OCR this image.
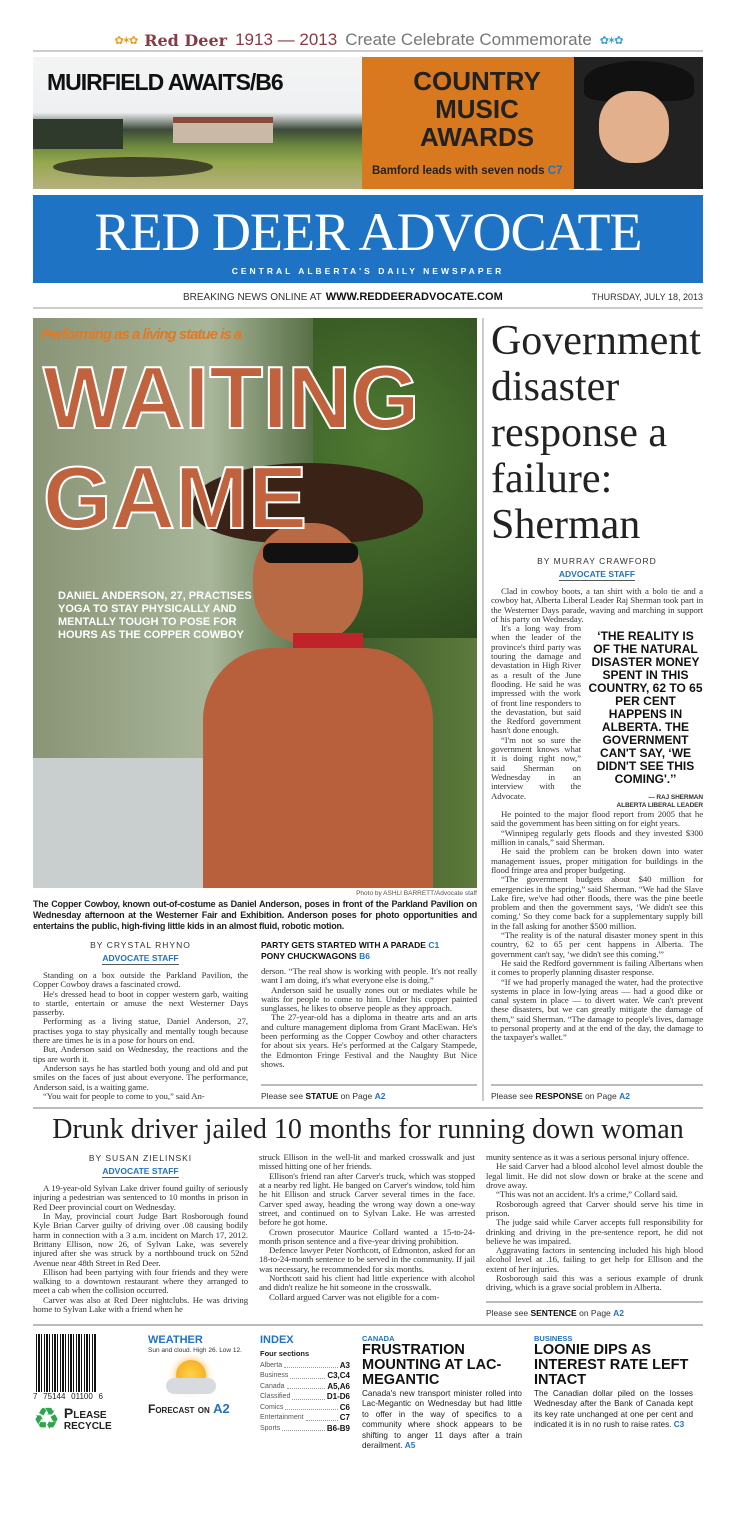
✿✶✿ Red Deer 1913 — 2013 Create Celebrate Commemorate ✿✶✿
MUIRFIELD AWAITS/B6	COUNTRY
MUSIC
AWARDS
Bamford leads with seven nods C7
RED DEER ADVOCATE
CENTRAL ALBERTA'S DAILY NEWSPAPER
BREAKING NEWS ONLINE AT WWW.REDDEERADVOCATE.COM	THURSDAY, JULY 18, 2013
Performing as a living statue is a
WAITING
GAME
DANIEL ANDERSON, 27, PRACTISES YOGA TO STAY PHYSICALLY AND MENTALLY TOUGH TO POSE FOR HOURS AS THE COPPER COWBOY
Photo by ASHLI BARRETT/Advocate staff
The Copper Cowboy, known out-of-costume as Daniel Anderson, poses in front of the Parkland Pavilion on Wednesday afternoon at the Westerner Fair and Exhibition. Anderson poses for photo opportunities and entertains the public, high-fiving little kids in an almost fluid, robotic motion.
BY CRYSTAL RHYNO
ADVOCATE STAFF

Standing on a box outside the Parkland Pavilion, the Copper Cowboy draws a fascinated crowd.

He's dressed head to boot in copper western garb, waiting to startle, entertain or amuse the next Westerner Days passerby.

Performing as a living statue, Daniel Anderson, 27, practises yoga to stay physically and mentally tough because there are times he is in a pose for hours on end.

But, Anderson said on Wednesday, the reactions and the tips are worth it.

Anderson says he has startled both young and old and put smiles on the faces of just about everyone. The performance, Anderson said, is a waiting game.

“You wait for people to come to you,” said An-

PARTY GETS STARTED WITH A PARADE C1
PONY CHUCKWAGONS B6

derson. “The real show is working with people. It's not really want I am doing, it's what everyone else is doing.”

Anderson said he usually zones out or mediates while he waits for people to come to him. Under his copper painted sunglasses, he likes to observe people as they approach.

The 27-year-old has a diploma in theatre arts and an arts and culture management diploma from Grant MacEwan. He's been performing as the Copper Cowboy and other characters for about six years. He's performed at the Calgary Stampede, the Edmonton Fringe Festival and the Naughty But Nice shows.

Please see STATUE on Page A2
Government disaster response a failure: Sherman
BY MURRAY CRAWFORD
ADVOCATE STAFF

Clad in cowboy boots, a tan shirt with a bolo tie and a cowboy hat, Alberta Liberal Leader Raj Sherman took part in the Westerner Days parade, waving and marching in support of his party on Wednesday.

It's a long way from when the leader of the province's third party was touring the damage and devastation in High River as a result of the June flooding. He said he was impressed with the work of front line responders to the devastation, but said the Redford government hasn't done enough.

“I'm not so sure the government knows what it is doing right now,” said Sherman on Wednesday in an interview with the Advocate.

‘THE REALITY IS OF THE NATURAL DISASTER MONEY SPENT IN THIS COUNTRY, 62 TO 65 PER CENT HAPPENS IN ALBERTA. THE GOVERNMENT CAN'T SAY, ‘WE DIDN'T SEE THIS COMING'.’’
— RAJ SHERMAN
ALBERTA LIBERAL LEADER

He pointed to the major flood report from 2005 that he said the government has been sitting on for eight years.

“Winnipeg regularly gets floods and they invested $300 million in canals,” said Sherman.

He said the problem can be broken down into water management issues, proper mitigation for buildings in the flood fringe area and proper budgeting.

“The government budgets about $40 million for emergencies in the spring,” said Sherman. “We had the Slave Lake fire, we've had other floods, there was the pine beetle problem and then the government says, ‘We didn't see this coming.' So they come back for a supplementary supply bill in the fall asking for another $500 million.

“The reality is of the natural disaster money spent in this country, 62 to 65 per cent happens in Alberta. The government can't say, ‘we didn't see this coming.'”

He said the Redford government is failing Albertans when it comes to properly planning disaster response.

“If we had properly managed the water, had the protective systems in place in low-lying areas — had a good dike or canal system in place — to divert water. We can't prevent these disasters, but we can greatly mitigate the damage of them,” said Sherman. “The damage to people's lives, damage to personal property and at the end of the day, the damage to the taxpayer's wallet.”

Please see RESPONSE on Page A2
Drunk driver jailed 10 months for running down woman
BY SUSAN ZIELINSKI
ADVOCATE STAFF

A 19-year-old Sylvan Lake driver found guilty of seriously injuring a pedestrian was sentenced to 10 months in prison in Red Deer provincial court on Wednesday.

In May, provincial court Judge Bart Rosborough found Kyle Brian Carver guilty of driving over .08 causing bodily harm in connection with a 3 a.m. incident on March 17, 2012. Brittany Ellison, now 26, of Sylvan Lake, was severely injured after she was struck by a northbound truck on 52nd Avenue near 48th Street in Red Deer.

Ellison had been partying with four friends and they were walking to a downtown restaurant where they arranged to meet a cab when the collision occurred.

Carver was also at Red Deer nightclubs. He was driving home to Sylvan Lake with a friend when he

struck Ellison in the well-lit and marked crosswalk and just missed hitting one of her friends.

Ellison's friend ran after Carver's truck, which was stopped at a nearby red light. He banged on Carver's window, told him he hit Ellison and struck Carver several times in the face. Carver sped away, heading the wrong way down a one-way street, and continued on to Sylvan Lake. He was arrested before he got home.

Crown prosecutor Maurice Collard wanted a 15-to-24-month prison sentence and a five-year driving prohibition.

Defence lawyer Peter Northcott, of Edmonton, asked for an 18-to-24-month sentence to be served in the community. If jail was necessary, he recommended for six months.

Northcott said his client had little experience with alcohol and didn't realize he hit someone in the crosswalk.

Collard argued Carver was not eligible for a com-

munity sentence as it was a serious personal injury offence.

He said Carver had a blood alcohol level almost double the legal limit. He did not slow down or brake at the scene and drove away.

“This was not an accident. It's a crime,” Collard said.

Rosborough agreed that Carver should serve his time in prison.

The judge said while Carver accepts full responsibility for drinking and driving in the pre-sentence report, he did not believe he was impaired.

Aggravating factors in sentencing included his high blood alcohol level at .16, failing to get help for Ellison and the extent of her injuries.

Rosborough said this was a serious example of drunk driving, which is a grave social problem in Alberta.

Please see SENTENCE on Page A2
7 75144 01100 6
♻ Please
RECYCLE
WEATHER
Sun and cloud. High 26. Low 12.
Forecast on A2
INDEX
Four sections
Alberta	A3
Business	C3,C4
Canada	A5,A6
Classified	D1-D6
Comics	C6
Entertainment	C7
Sports	B6-B9
CANADA
FRUSTRATION MOUNTING AT LAC-MEGANTIC
Canada's new transport minister rolled into Lac-Megantic on Wednesday but had little to offer in the way of specifics to a community where shock appears to be shifting to anger 11 days after a train derailment. A5
BUSINESS
LOONIE DIPS AS INTEREST RATE LEFT INTACT
The Canadian dollar piled on the losses Wednesday after the Bank of Canada kept its key rate unchanged at one per cent and indicated it is in no rush to raise rates. C3
